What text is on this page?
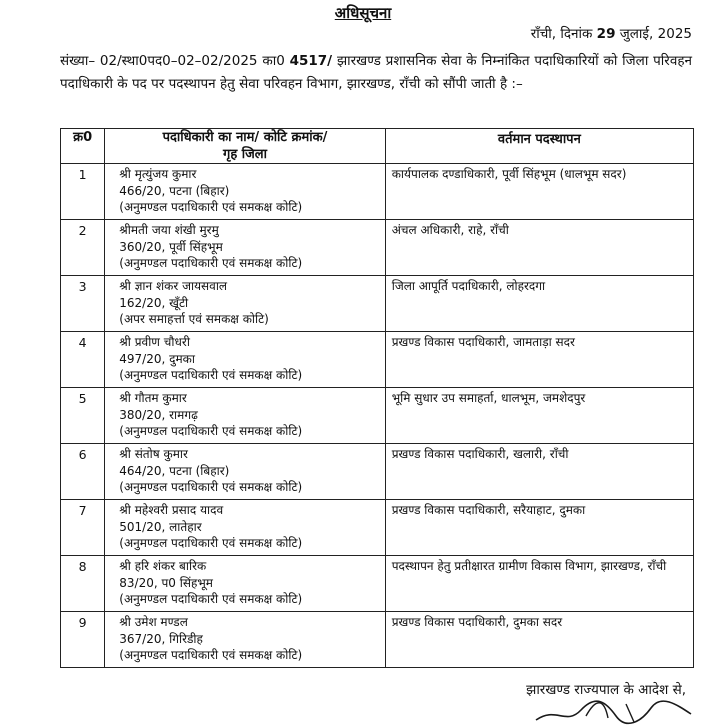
अधिसूचना
राँची, दिनांक 29 जुलाई, 2025
संख्या– 02/स्था0पद0–02–02/2025 का0 4517/ झारखण्ड प्रशासनिक सेवा के निम्नांकित पदाधिकारियों को जिला परिवहन पदाधिकारी के पद पर पदस्थापन हेतु सेवा परिवहन विभाग, झारखण्ड, राँची को सौंपी जाती है :–
क्र0	पदाधिकारी का नाम/ कोटि क्रमांक/
गृह जिला	वर्तमान पदस्थापन
1	श्री मृत्युंजय कुमार
466/20, पटना (बिहार)
(अनुमण्डल पदाधिकारी एवं समकक्ष कोटि)	कार्यपालक दण्डाधिकारी, पूर्वी सिंहभूम (धालभूम सदर)
2	श्रीमती जया शंखी मुरमु
360/20, पूर्वी सिंहभूम
(अनुमण्डल पदाधिकारी एवं समकक्ष कोटि)	अंचल अधिकारी, राहे, राँची
3	श्री ज्ञान शंकर जायसवाल
162/20, खूँटी
(अपर समाहर्त्ता एवं समकक्ष कोटि)	जिला आपूर्ति पदाधिकारी, लोहरदगा
4	श्री प्रवीण चौधरी
497/20, दुमका
(अनुमण्डल पदाधिकारी एवं समकक्ष कोटि)	प्रखण्ड विकास पदाधिकारी, जामताड़ा सदर
5	श्री गौतम कुमार
380/20, रामगढ़
(अनुमण्डल पदाधिकारी एवं समकक्ष कोटि)	भूमि सुधार उप समाहर्ता, धालभूम, जमशेदपुर
6	श्री संतोष कुमार
464/20, पटना (बिहार)
(अनुमण्डल पदाधिकारी एवं समकक्ष कोटि)	प्रखण्ड विकास पदाधिकारी, खलारी, राँची
7	श्री महेश्वरी प्रसाद यादव
501/20, लातेहार
(अनुमण्डल पदाधिकारी एवं समकक्ष कोटि)	प्रखण्ड विकास पदाधिकारी, सरैयाहाट, दुमका
8	श्री हरि शंकर बारिक
83/20, प0 सिंहभूम
(अनुमण्डल पदाधिकारी एवं समकक्ष कोटि)	पदस्थापन हेतु प्रतीक्षारत ग्रामीण विकास विभाग, झारखण्ड, राँची
9	श्री उमेश मण्डल
367/20, गिरिडीह
(अनुमण्डल पदाधिकारी एवं समकक्ष कोटि)	प्रखण्ड विकास पदाधिकारी, दुमका सदर
झारखण्ड राज्यपाल के आदेश से,
